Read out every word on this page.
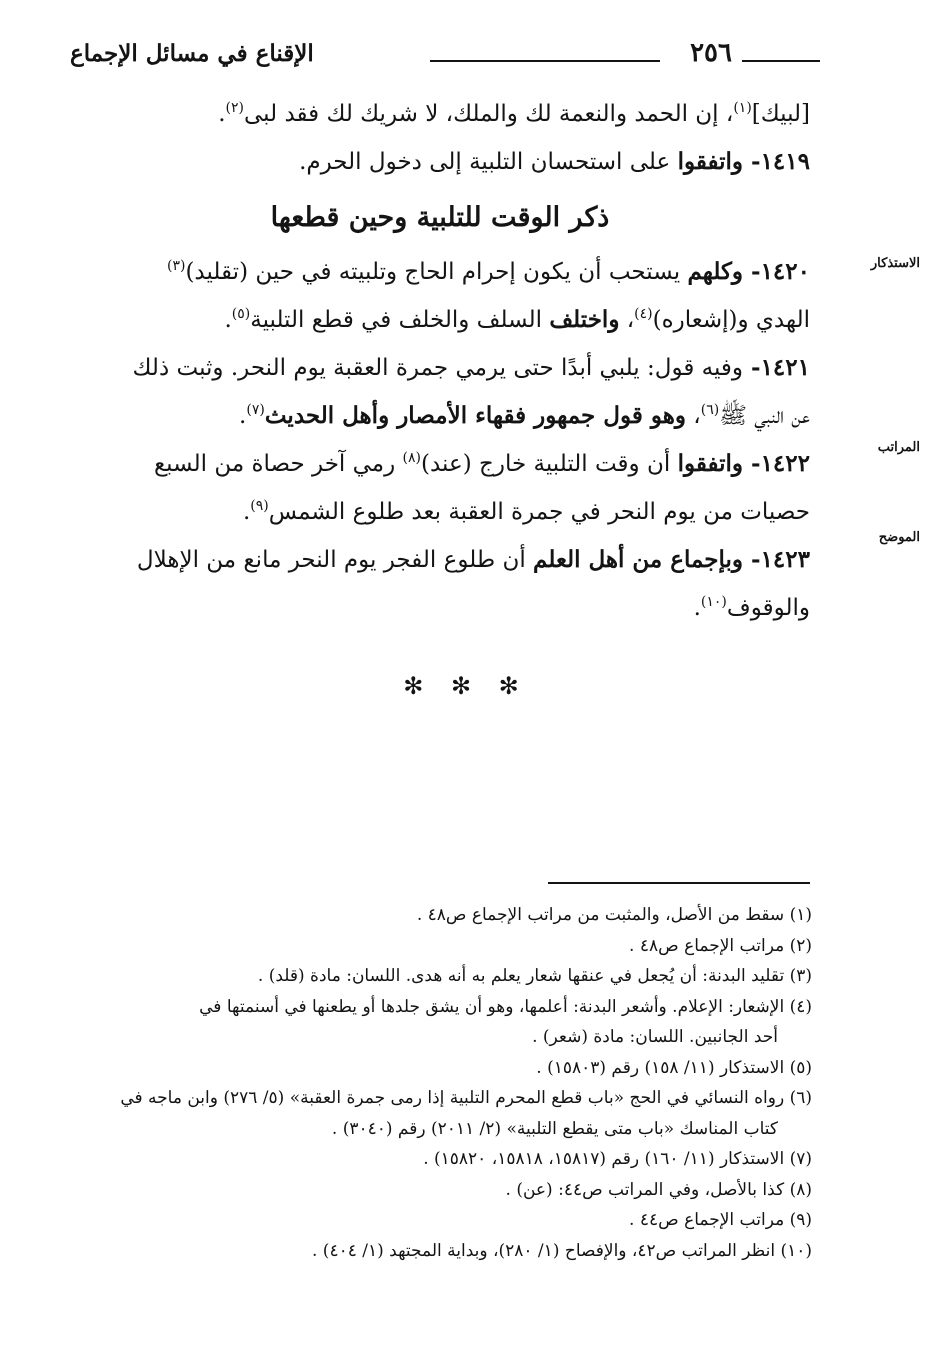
٢٥٦
الإقناع في مسائل الإجماع
[لبيك]$^{(١)}$، إن الحمد والنعمة لك والملك، لا شريك لك فقد لبى$^{(٢)}$.
١٤١٩- واتفقوا على استحسان التلبية إلى دخول الحرم.
ذكر الوقت للتلبية وحين قطعها
١٤٢٠- وكلهم يستحب أن يكون إحرام الحاج وتلبيته في حين (تقليد)$^{(٣)}$
الهدي و(إشعاره)$^{(٤)}$، واختلف السلف والخلف في قطع التلبية$^{(٥)}$.
١٤٢١- وفيه قول: يلبي أبدًا حتى يرمي جمرة العقبة يوم النحر. وثبت ذلك
عن النبي ﷺ$^{(٦)}$، وهو قول جمهور فقهاء الأمصار وأهل الحديث$^{(٧)}$.
١٤٢٢- واتفقوا أن وقت التلبية خارج (عند)$^{(٨)}$ رمي آخر حصاة من السبع
حصيات من يوم النحر في جمرة العقبة بعد طلوع الشمس$^{(٩)}$.
١٤٢٣- وبإجماع من أهل العلم أن طلوع الفجر يوم النحر مانع من الإهلال
والوقوف$^{(١٠)}$.
الاستذكار
المراتب
الموضح
✻ ✻ ✻
(١) سقط من الأصل، والمثبت من مراتب الإجماع ص٤٨ .
(٢) مراتب الإجماع ص٤٨ .
(٣) تقليد البدنة: أن يُجعل في عنقها شعار يعلم به أنه هدى. اللسان: مادة (قلد) .
(٤) الإشعار: الإعلام. وأشعر البدنة: أعلمها، وهو أن يشق جلدها أو يطعنها في أسنمتها في
أحد الجانبين. اللسان: مادة (شعر) .
(٥) الاستذكار (١١/ ١٥٨) رقم (١٥٨٠٣) .
(٦) رواه النسائي في الحج «باب قطع المحرم التلبية إذا رمى جمرة العقبة» (٥/ ٢٧٦) وابن ماجه في
كتاب المناسك «باب متى يقطع التلبية» (٢/ ٢٠١١) رقم (٣٠٤٠) .
(٧) الاستذكار (١١/ ١٦٠) رقم (١٥٨١٧، ١٥٨١٨، ١٥٨٢٠) .
(٨) كذا بالأصل، وفي المراتب ص٤٤: (عن) .
(٩) مراتب الإجماع ص٤٤ .
(١٠) انظر المراتب ص٤٢، والإفصاح (١/ ٢٨٠)، وبداية المجتهد (١/ ٤٠٤) .
